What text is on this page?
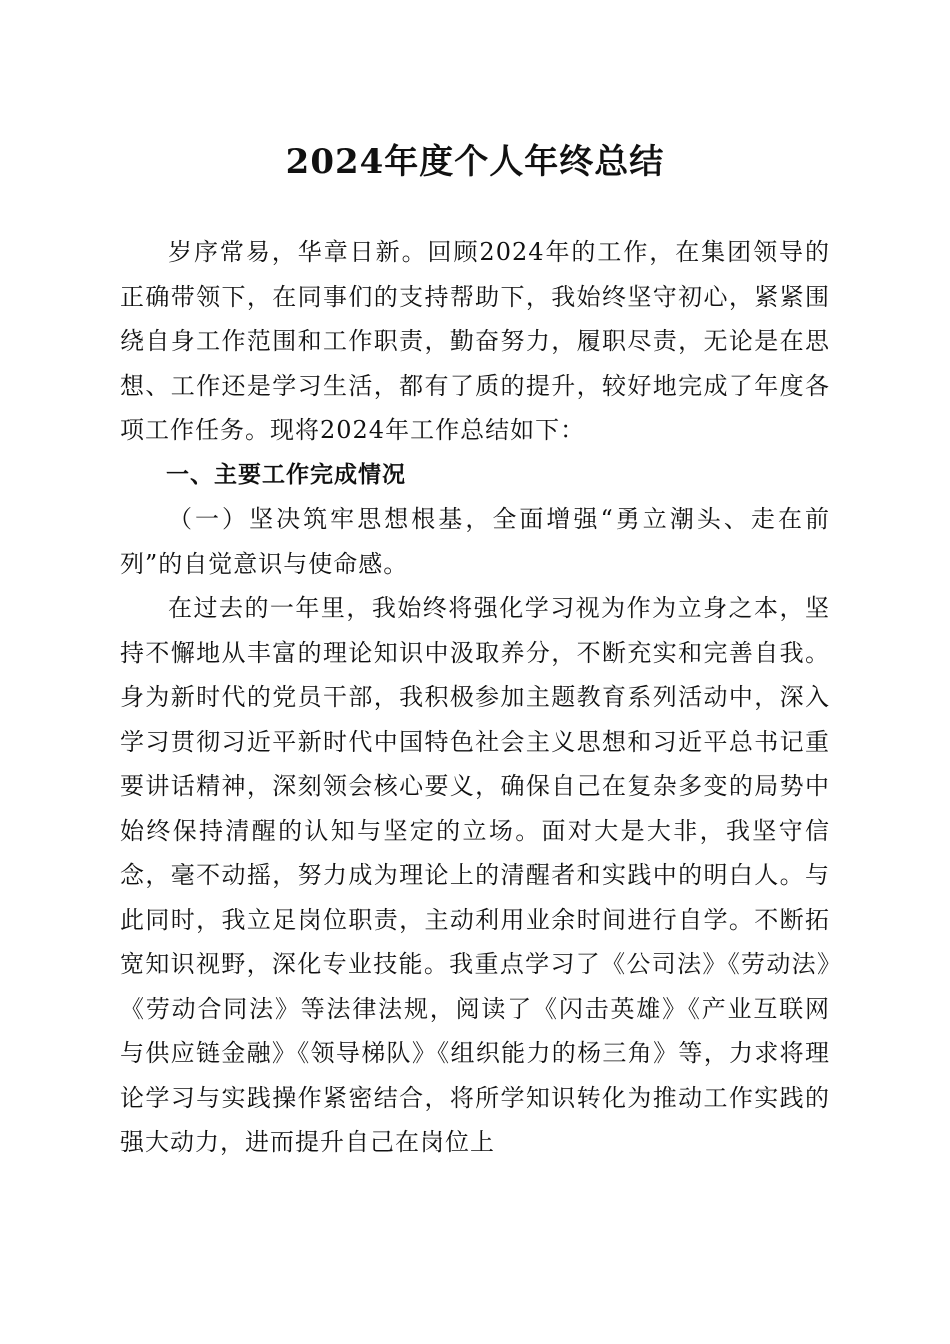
2024年度个人年终总结

岁序常易，华章日新。回顾2024年的工作，在集团领导的正确带领下，在同事们的支持帮助下，我始终坚守初心，紧紧围绕自身工作范围和工作职责，勤奋努力，履职尽责，无论是在思想、工作还是学习生活，都有了质的提升，较好地完成了年度各项工作任务。现将2024年工作总结如下：

一、主要工作完成情况

（一）坚决筑牢思想根基，全面增强“勇立潮头、走在前列”的自觉意识与使命感。

在过去的一年里，我始终将强化学习视为作为立身之本，坚持不懈地从丰富的理论知识中汲取养分，不断充实和完善自我。身为新时代的党员干部，我积极参加主题教育系列活动中，深入学习贯彻习近平新时代中国特色社会主义思想和习近平总书记重要讲话精神，深刻领会核心要义，确保自己在复杂多变的局势中始终保持清醒的认知与坚定的立场。面对大是大非，我坚守信念，毫不动摇，努力成为理论上的清醒者和实践中的明白人。与此同时，我立足岗位职责，主动利用业余时间进行自学。不断拓宽知识视野，深化专业技能。我重点学习了《公司法》《劳动法》《劳动合同法》等法律法规，阅读了《闪击英雄》《产业互联网与供应链金融》《领导梯队》《组织能力的杨三角》等，力求将理论学习与实践操作紧密结合，将所学知识转化为推动工作实践的强大动力，进而提升自己在岗位上
